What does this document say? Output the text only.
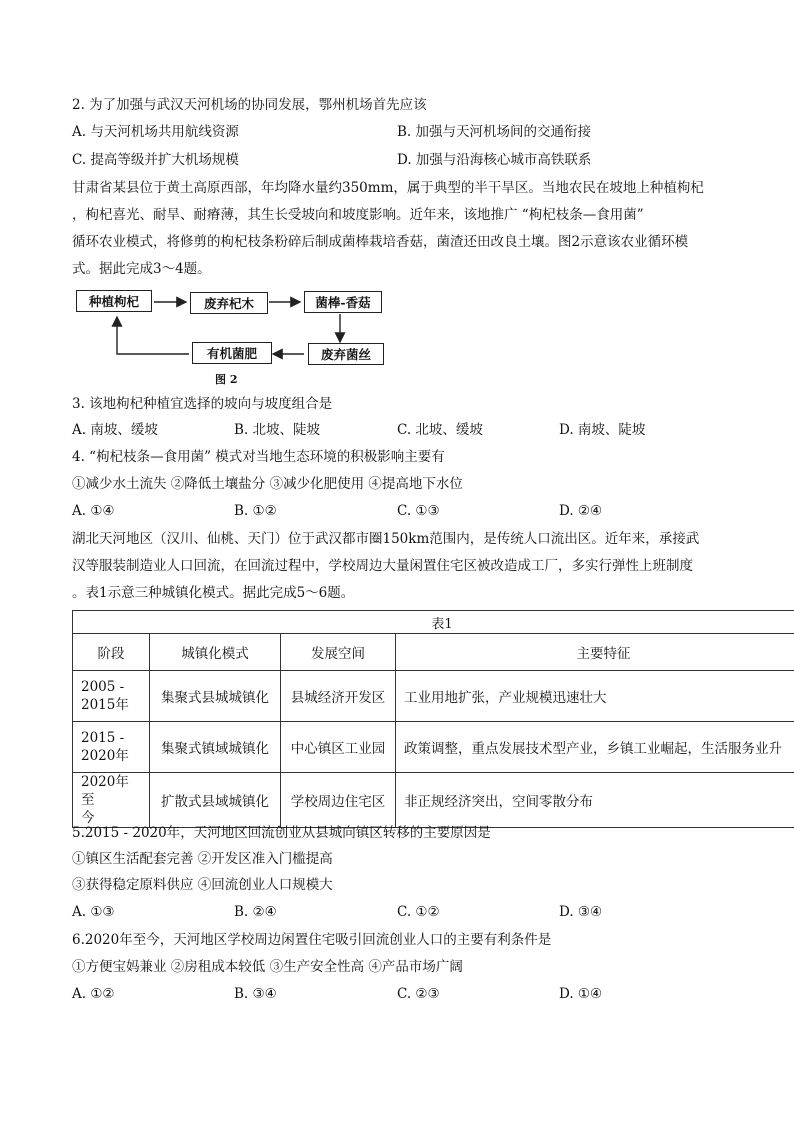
2. 为了加强与武汉天河机场的协同发展，鄂州机场首先应该
A. 与天河机场共用航线资源	B. 加强与天河机场间的交通衔接
C. 提高等级并扩大机场规模	D. 加强与沿海核心城市高铁联系
甘肃省某县位于黄土高原西部，年均降水量约350mm，属于典型的半干旱区。当地农民在坡地上种植枸杞
，枸杞喜光、耐旱、耐瘠薄，其生长受坡向和坡度影响。近年来，该地推广 “枸杞枝条—食用菌”
循环农业模式，将修剪的枸杞枝条粉碎后制成菌棒栽培香菇，菌渣还田改良土壤。图2示意该农业循环模
式。据此完成3～4题。
种植枸杞	废弃杞木	菌棒-香菇
废弃菌丝
有机菌肥
图 2
3. 该地枸杞种植宜选择的坡向与坡度组合是
A. 南坡、缓坡	B. 北坡、陡坡	C. 北坡、缓坡	D. 南坡、陡坡
4. “枸杞枝条—食用菌” 模式对当地生态环境的积极影响主要有
①减少水土流失 ②降低土壤盐分 ③减少化肥使用 ④提高地下水位
A. ①④	B. ①②	C. ①③	D. ②④
湖北天河地区（汉川、仙桃、天门）位于武汉都市圈150km范围内，是传统人口流出区。近年来，承接武
汉等服装制造业人口回流，在回流过程中，学校周边大量闲置住宅区被改造成工厂，多实行弹性上班制度
。表1示意三种城镇化模式。据此完成5～6题。
表1			
阶段	城镇化模式	发展空间	主要特征
2005 -
2015年	集聚式县城城镇化	县城经济开发区	工业用地扩张，产业规模迅速壮大

2015 -
2020年	集聚式镇域城镇化	中心镇区工业园	政策调整，重点发展技术型产业，乡镇工业崛起，生活服务业升

2020年至
今	扩散式县域城镇化	学校周边住宅区	非正规经济突出，空间零散分布
5.2015 - 2020年，天河地区回流创业从县城向镇区转移的主要原因是
①镇区生活配套完善 ②开发区准入门槛提高
③获得稳定原料供应 ④回流创业人口规模大
A. ①③	B. ②④	C. ①②	D. ③④
6.2020年至今，天河地区学校周边闲置住宅吸引回流创业人口的主要有利条件是
①方便宝妈兼业 ②房租成本较低 ③生产安全性高 ④产品市场广阔
A. ①②	B. ③④	C. ②③	D. ①④
